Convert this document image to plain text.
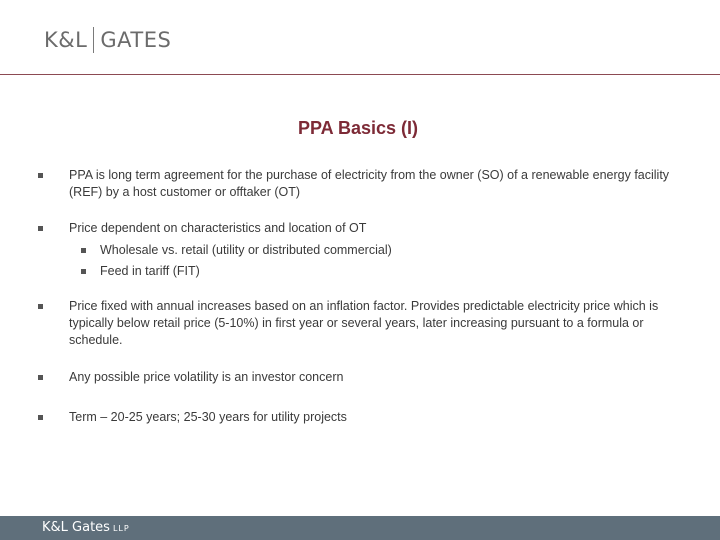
K&L GATES
PPA Basics (I)
PPA is long term agreement for the purchase of electricity from the owner (SO) of a renewable energy facility (REF) by a host customer or offtaker (OT)
Price dependent on characteristics and location of OT
Wholesale vs. retail (utility or distributed commercial)
Feed in tariff (FIT)
Price fixed with annual increases based on an inflation factor. Provides predictable electricity price which is typically below retail price (5-10%) in first year or several years, later increasing pursuant to a formula or schedule.
Any possible price volatility is an investor concern
Term – 20-25 years; 25-30 years for utility projects
K&L Gates LLP
